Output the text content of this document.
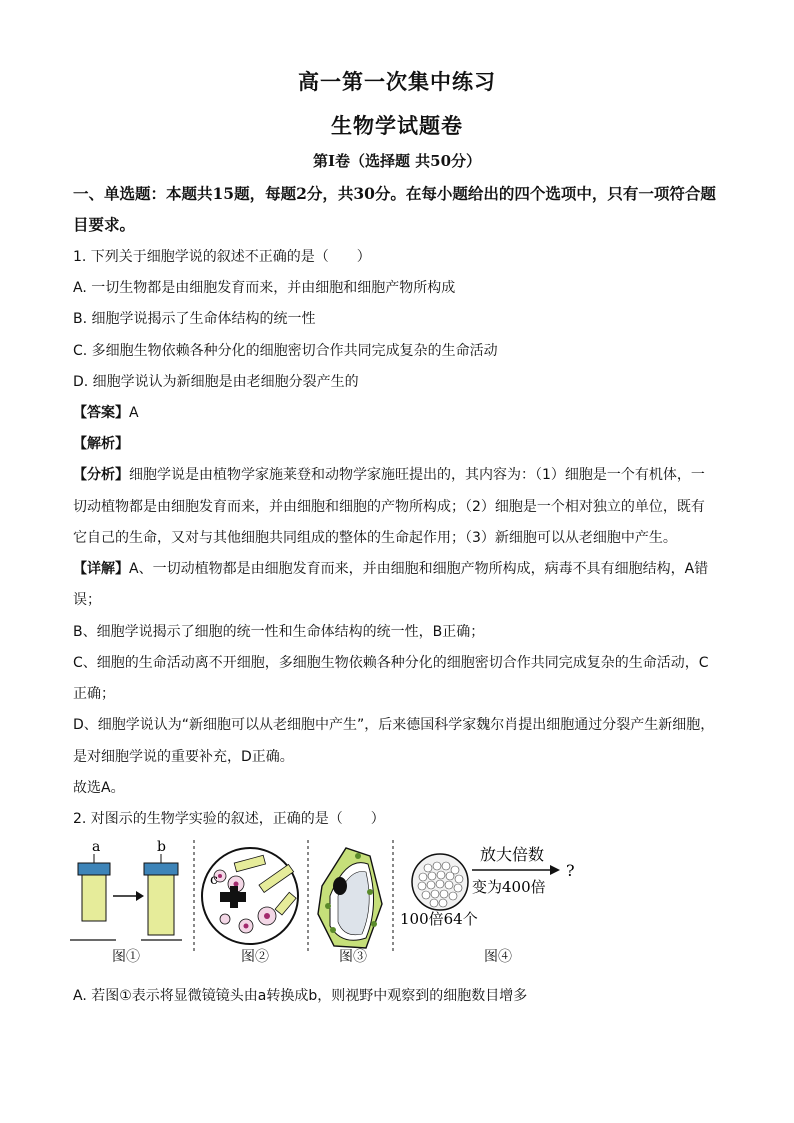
高一第一次集中练习
生物学试题卷
第Ⅰ卷（选择题 共50分）
一、单选题：本题共15题，每题2分，共30分。在每小题给出的四个选项中，只有一项符合题目要求。
1. 下列关于细胞学说的叙述不正确的是（　　）
A. 一切生物都是由细胞发育而来，并由细胞和细胞产物所构成
B. 细胞学说揭示了生命体结构的统一性
C. 多细胞生物依赖各种分化的细胞密切合作共同完成复杂的生命活动
D. 细胞学说认为新细胞是由老细胞分裂产生的
【答案】A
【解析】
【分析】细胞学说是由植物学家施莱登和动物学家施旺提出的，其内容为：（1）细胞是一个有机体，一
切动植物都是由细胞发育而来，并由细胞和细胞的产物所构成；（2）细胞是一个相对独立的单位，既有
它自己的生命，又对与其他细胞共同组成的整体的生命起作用；（3）新细胞可以从老细胞中产生。
【详解】A、一切动植物都是由细胞发育而来，并由细胞和细胞产物所构成，病毒不具有细胞结构，A错
误；
B、细胞学说揭示了细胞的统一性和生命体结构的统一性，B正确；
C、细胞的生命活动离不开细胞，多细胞生物依赖各种分化的细胞密切合作共同完成复杂的生命活动，C
正确；
D、细胞学说认为“新细胞可以从老细胞中产生”，后来德国科学家魏尔肖提出细胞通过分裂产生新细胞，
是对细胞学说的重要补充，D正确。
故选A。
2. 对图示的生物学实验的叙述，正确的是（　　）
a	b
c
放大倍数
?
变为400倍
100倍64个
图①	图②	图③	图④
A. 若图①表示将显微镜镜头由a转换成b，则视野中观察到的细胞数目增多
